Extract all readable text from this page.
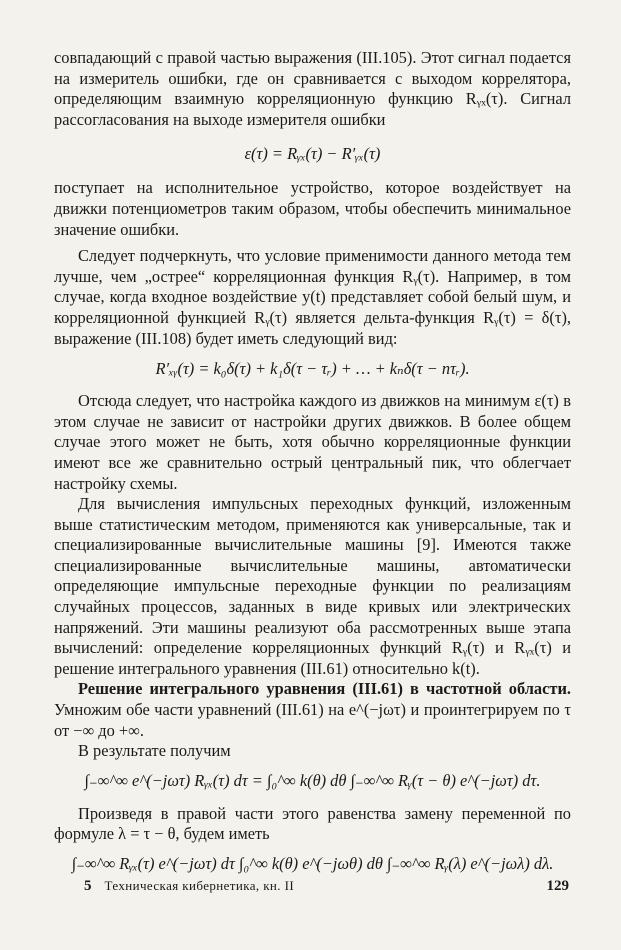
совпадающий с правой частью выражения (III.105). Этот сигнал подается на измеритель ошибки, где он сравнивается с выходом коррелятора, определяющим взаимную корреляционную функцию Rᵧₓ(τ). Сигнал рассогласования на выходе измерителя ошибки

ε(τ) = Rᵧₓ(τ) − R′ᵧₓ(τ)

поступает на исполнительное устройство, которое воздействует на движки потенциометров таким образом, чтобы обеспечить минимальное значение ошибки.

Следует подчеркнуть, что условие применимости данного метода тем лучше, чем „острее“ корреляционная функция Rᵧ(τ). Например, в том случае, когда входное воздействие y(t) представляет собой белый шум, и корреляционной функцией Rᵧ(τ) является дельта-функция Rᵧ(τ) = δ(τ), выражение (III.108) будет иметь следующий вид:

R′ₓᵧ(τ) = k₀δ(τ) + k₁δ(τ − τᵣ) + … + kₙδ(τ − nτᵣ).

Отсюда следует, что настройка каждого из движков на минимум ε(τ) в этом случае не зависит от настройки других движков. В более общем случае этого может не быть, хотя обычно корреляционные функции имеют все же сравнительно острый центральный пик, что облегчает настройку схемы.

Для вычисления импульсных переходных функций, изложенным выше статистическим методом, применяются как универсальные, так и специализированные вычислительные машины [9]. Имеются также специализированные вычислительные машины, автоматически определяющие импульсные переходные функции по реализациям случайных процессов, заданных в виде кривых или электрических напряжений. Эти машины реализуют оба рассмотренных выше этапа вычислений: определение корреляционных функций Rᵧ(τ) и Rᵧₓ(τ) и решение интегрального уравнения (III.61) относительно k(t).

Решение интегрального уравнения (III.61) в частотной области. Умножим обе части уравнений (III.61) на e^(−jωτ) и проинтегрируем по τ от −∞ до +∞.

В результате получим

∫₋∞^∞ e^(−jωτ) Rᵧₓ(τ) dτ = ∫₀^∞ k(θ) dθ ∫₋∞^∞ Rᵧ(τ − θ) e^(−jωτ) dτ.

Произведя в правой части этого равенства замену переменной по формуле λ = τ − θ, будем иметь

∫₋∞^∞ Rᵧₓ(τ) e^(−jωτ) dτ ∫₀^∞ k(θ) e^(−jωθ) dθ ∫₋∞^∞ Rᵧ(λ) e^(−jωλ) dλ.

5 Техническая кибернетика, кн. II	129
